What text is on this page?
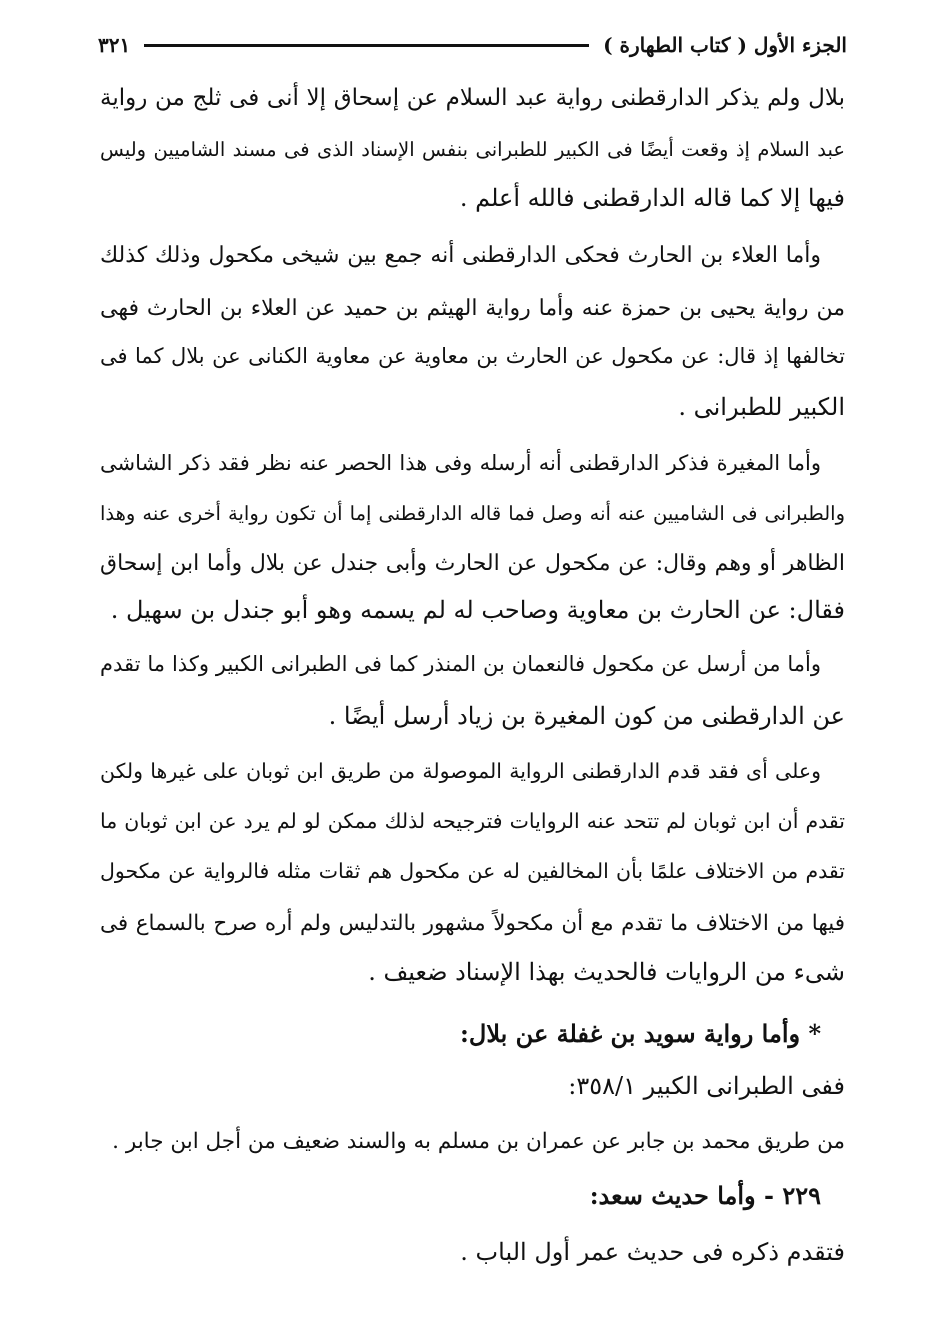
الجزء الأول ( كتاب الطهارة )
٣٢١
بلال ولم يذكر الدارقطنى رواية عبد السلام عن إسحاق إلا أنى فى ثلج من رواية
عبد السلام إذ وقعت أيضًا فى الكبير للطبرانى بنفس الإسناد الذى فى مسند الشاميين وليس
فيها إلا كما قاله الدارقطنى فالله أعلم .
وأما العلاء بن الحارث فحكى الدارقطنى أنه جمع بين شيخى مكحول وذلك كذلك
من رواية يحيى بن حمزة عنه وأما رواية الهيثم بن حميد عن العلاء بن الحارث فهى
تخالفها إذ قال: عن مكحول عن الحارث بن معاوية عن معاوية الكنانى عن بلال كما فى
الكبير للطبرانى .
وأما المغيرة فذكر الدارقطنى أنه أرسله وفى هذا الحصر عنه نظر فقد ذكر الشاشى
والطبرانى فى الشاميين عنه أنه وصل فما قاله الدارقطنى إما أن تكون رواية أخرى عنه وهذا
الظاهر أو وهم وقال: عن مكحول عن الحارث وأبى جندل عن بلال وأما ابن إسحاق
فقال: عن الحارث بن معاوية وصاحب له لم يسمه وهو أبو جندل بن سهيل .
وأما من أرسل عن مكحول فالنعمان بن المنذر كما فى الطبرانى الكبير وكذا ما تقدم
عن الدارقطنى من كون المغيرة بن زياد أرسل أيضًا .
وعلى أى فقد قدم الدارقطنى الرواية الموصولة من طريق ابن ثوبان على غيرها ولكن
تقدم أن ابن ثوبان لم تتحد عنه الروايات فترجيحه لذلك ممكن لو لم يرد عن ابن ثوبان ما
تقدم من الاختلاف علمًا بأن المخالفين له عن مكحول هم ثقات مثله فالرواية عن مكحول
فيها من الاختلاف ما تقدم مع أن مكحولاً مشهور بالتدليس ولم أره صرح بالسماع فى
شىء من الروايات فالحديث بهذا الإسناد ضعيف .
* وأما رواية سويد بن غفلة عن بلال:
ففى الطبرانى الكبير ٣٥٨/١:
من طريق محمد بن جابر عن عمران بن مسلم به والسند ضعيف من أجل ابن جابر .
٢٢٩ - وأما حديث سعد:
فتقدم ذكره فى حديث عمر أول الباب .
